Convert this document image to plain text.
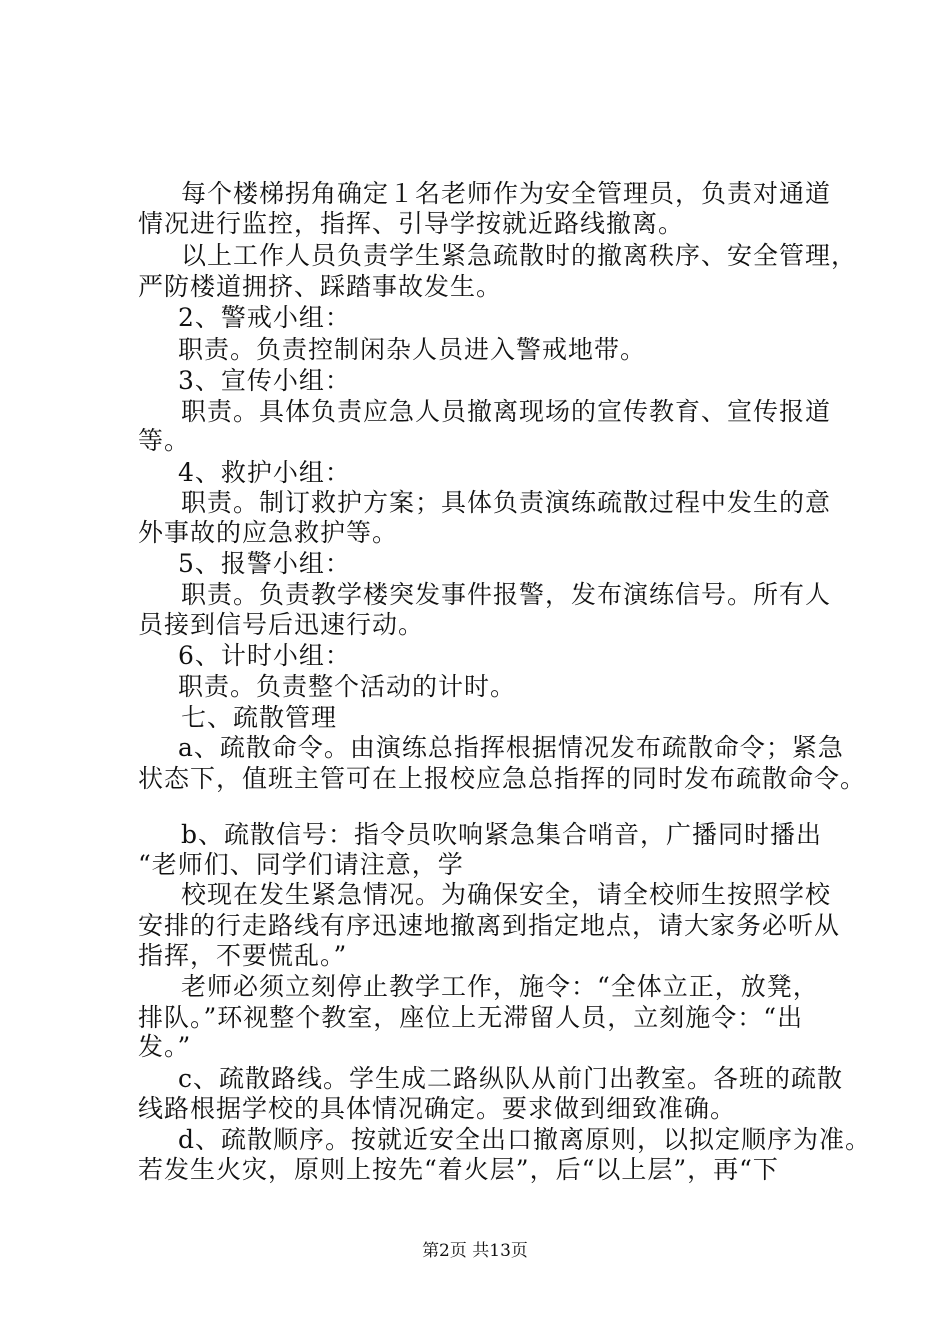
每个楼梯拐角确定１名老师作为安全管理员，负责对通道
情况进行监控，指挥、引导学按就近路线撤离。
以上工作人员负责学生紧急疏散时的撤离秩序、安全管理，
严防楼道拥挤、踩踏事故发生。
2、警戒小组：
职责。负责控制闲杂人员进入警戒地带。
3、宣传小组：
职责。具体负责应急人员撤离现场的宣传教育、宣传报道
等。
4、救护小组：
职责。制订救护方案；具体负责演练疏散过程中发生的意
外事故的应急救护等。
5、报警小组：
职责。负责教学楼突发事件报警，发布演练信号。所有人
员接到信号后迅速行动。
6、计时小组：
职责。负责整个活动的计时。
七、疏散管理
a、疏散命令。由演练总指挥根据情况发布疏散命令；紧急
状态下，值班主管可在上报校应急总指挥的同时发布疏散命令。
b、疏散信号：指令员吹响紧急集合哨音，广播同时播出
“老师们、同学们请注意，学
校现在发生紧急情况。为确保安全，请全校师生按照学校
安排的行走路线有序迅速地撤离到指定地点，请大家务必听从
指挥，不要慌乱。”
老师必须立刻停止教学工作，施令：“全体立正，放凳，
排队。”环视整个教室，座位上无滞留人员，立刻施令：“出
发。”
c、疏散路线。学生成二路纵队从前门出教室。各班的疏散
线路根据学校的具体情况确定。要求做到细致准确。
d、疏散顺序。按就近安全出口撤离原则，以拟定顺序为准。
若发生火灾，原则上按先“着火层”，后“以上层”，再“下
第2页 共13页
